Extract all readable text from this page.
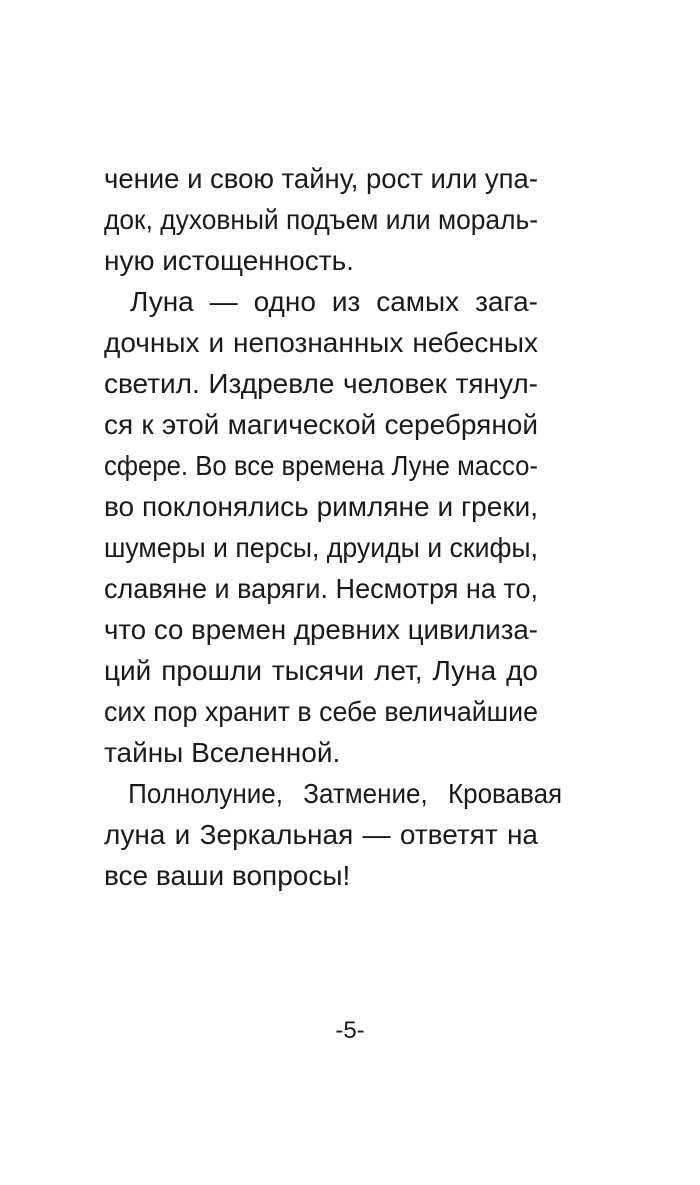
чение и свою тайну, рост или упа-
док, духовный подъем или мораль-
ную истощенность.
Луна — одно из самых зага-
дочных и непознанных небесных
светил. Издревле человек тянул-
ся к этой магической серебряной
сфере. Во все времена Луне массо-
во поклонялись римляне и греки,
шумеры и персы, друиды и скифы,
славяне и варяги. Несмотря на то,
что со времен древних цивилиза-
ций прошли тысячи лет, Луна до
сих пор хранит в себе величайшие
тайны Вселенной.
Полнолуние, Затмение, Кровавая
луна и Зеркальная — ответят на
все ваши вопросы!
-5-
